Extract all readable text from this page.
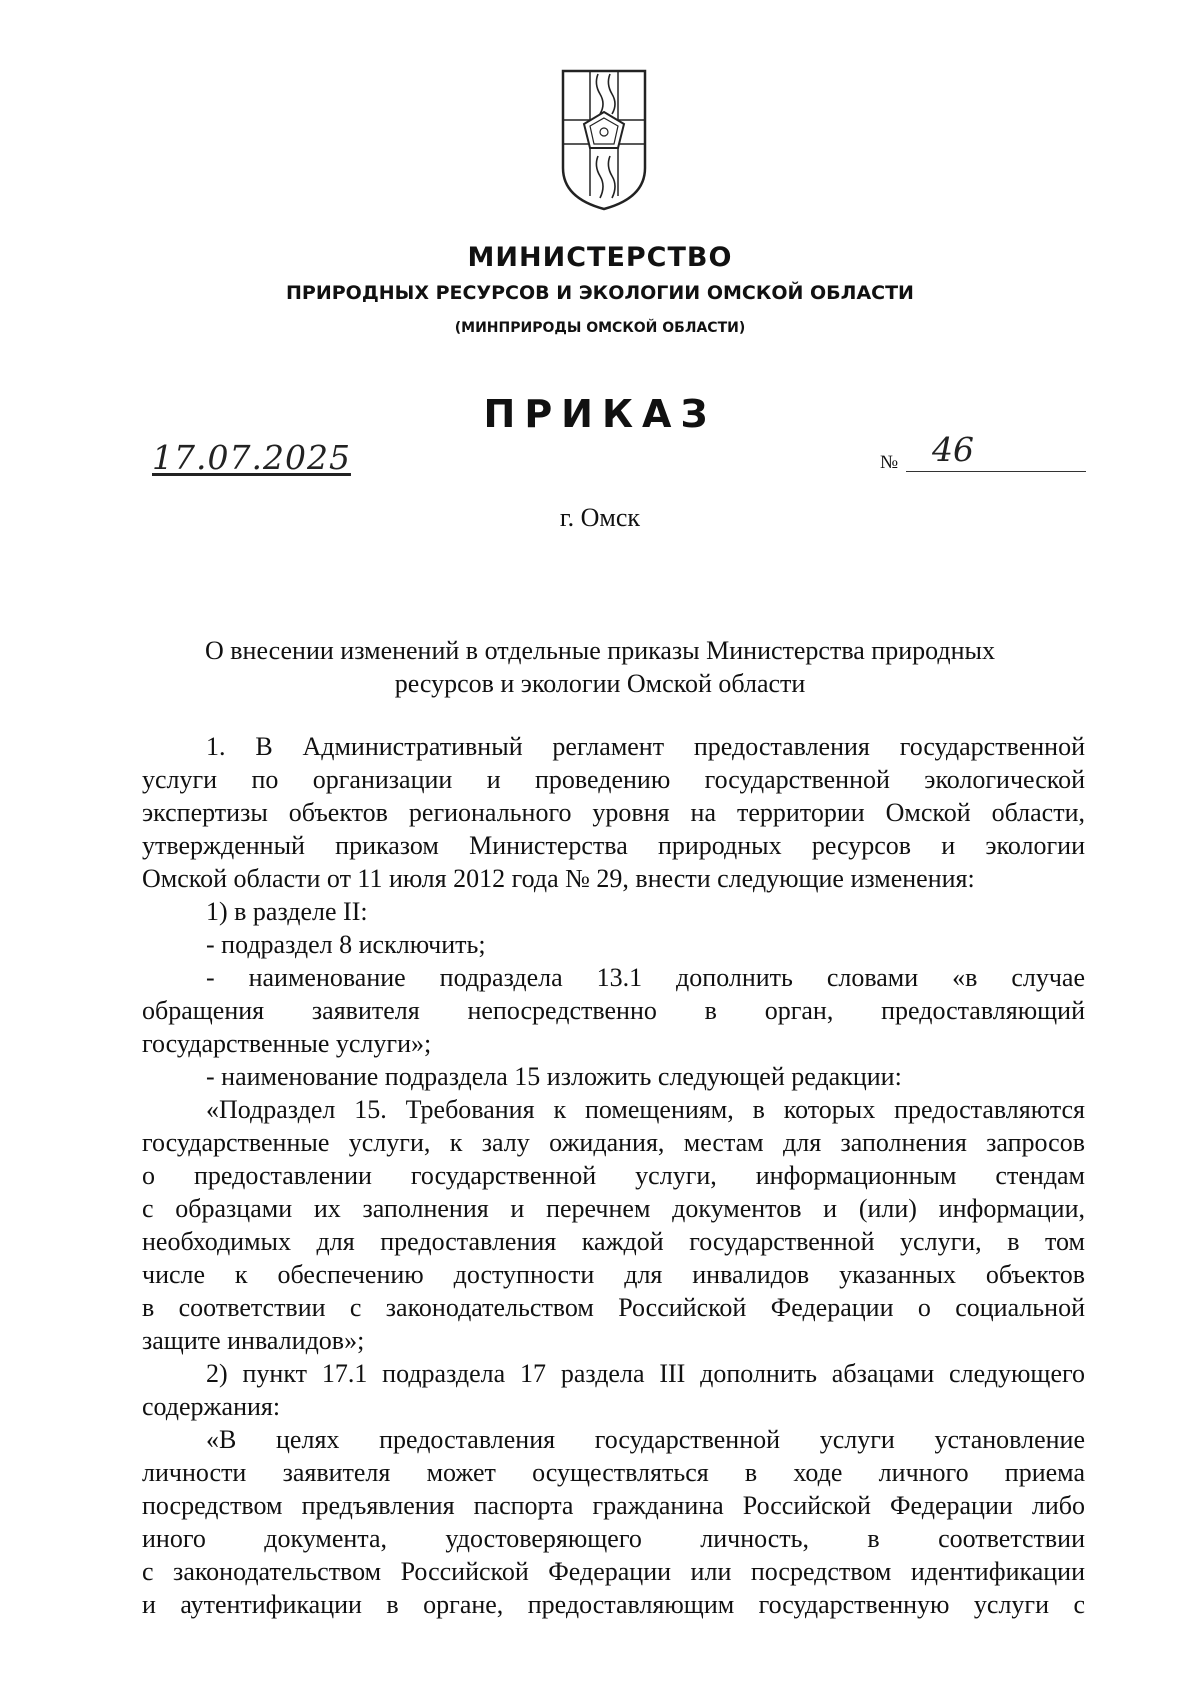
МИНИСТЕРСТВО
ПРИРОДНЫХ РЕСУРСОВ И ЭКОЛОГИИ ОМСКОЙ ОБЛАСТИ
(МИНПРИРОДЫ ОМСКОЙ ОБЛАСТИ)
ПРИКАЗ
17.07.2025	№	46
г. Омск
О внесении изменений в отдельные приказы Министерства природных
ресурсов и экологии Омской области

1. В Административный регламент предоставления государственной

услуги по организации и проведению государственной экологической

экспертизы объектов регионального уровня на территории Омской области,

утвержденный приказом Министерства природных ресурсов и экологии

Омской области от 11 июля 2012 года № 29, внести следующие изменения:

1) в разделе II:

- подраздел 8 исключить;

- наименование подраздела 13.1 дополнить словами «в случае

обращения заявителя непосредственно в орган, предоставляющий

государственные услуги»;

- наименование подраздела 15 изложить следующей редакции:

«Подраздел 15. Требования к помещениям, в которых предоставляются

государственные услуги, к залу ожидания, местам для заполнения запросов

о предоставлении государственной услуги, информационным стендам

с образцами их заполнения и перечнем документов и (или) информации,

необходимых для предоставления каждой государственной услуги, в том

числе к обеспечению доступности для инвалидов указанных объектов

в соответствии с законодательством Российской Федерации о социальной

защите инвалидов»;

2) пункт 17.1 подраздела 17 раздела III дополнить абзацами следующего

содержания:

«В целях предоставления государственной услуги установление

личности заявителя может осуществляться в ходе личного приема

посредством предъявления паспорта гражданина Российской Федерации либо

иного документа, удостоверяющего личность, в соответствии

с законодательством Российской Федерации или посредством идентификации

и аутентификации в органе, предоставляющим государственную услуги с
